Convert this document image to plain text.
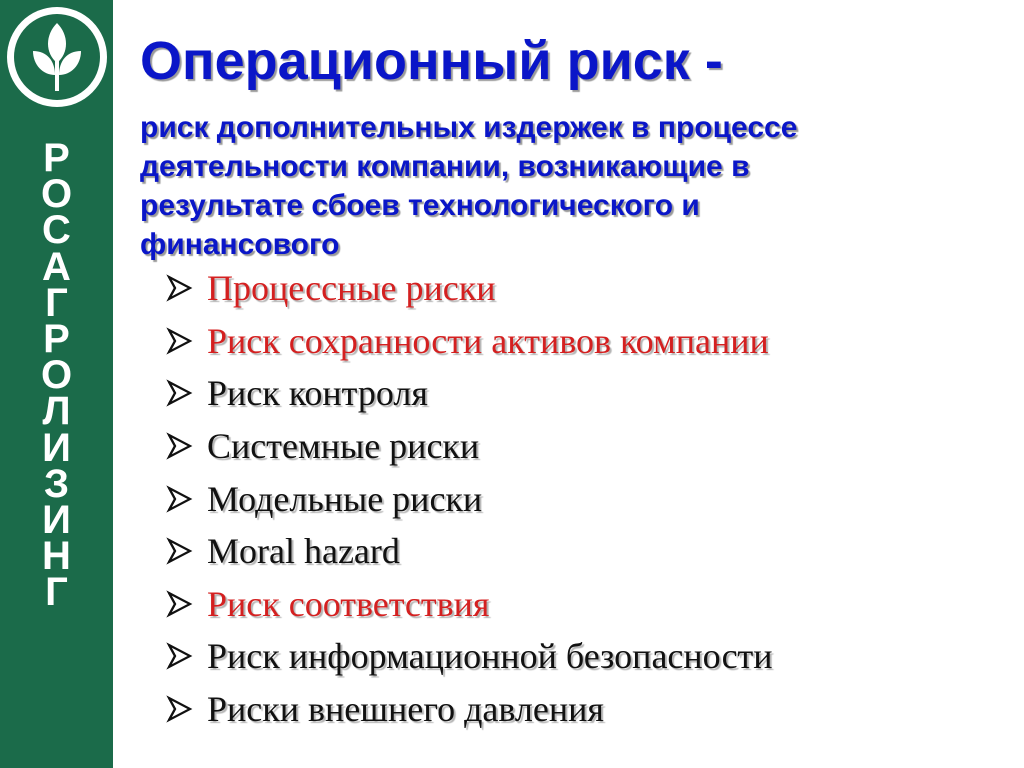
Р
О
С
А
Г
Р
О
Л
И
З
И
Н
Г
Операционный риск -

риск дополнительных издержек в процессе деятельности компании, возникающие в результате сбоев технологического и финансового

Процессные риски
Риск сохранности активов компании
Риск контроля
Системные риски
Модельные риски
Moral hazard
Риск соответствия
Риск информационной безопасности
Риски внешнего давления
